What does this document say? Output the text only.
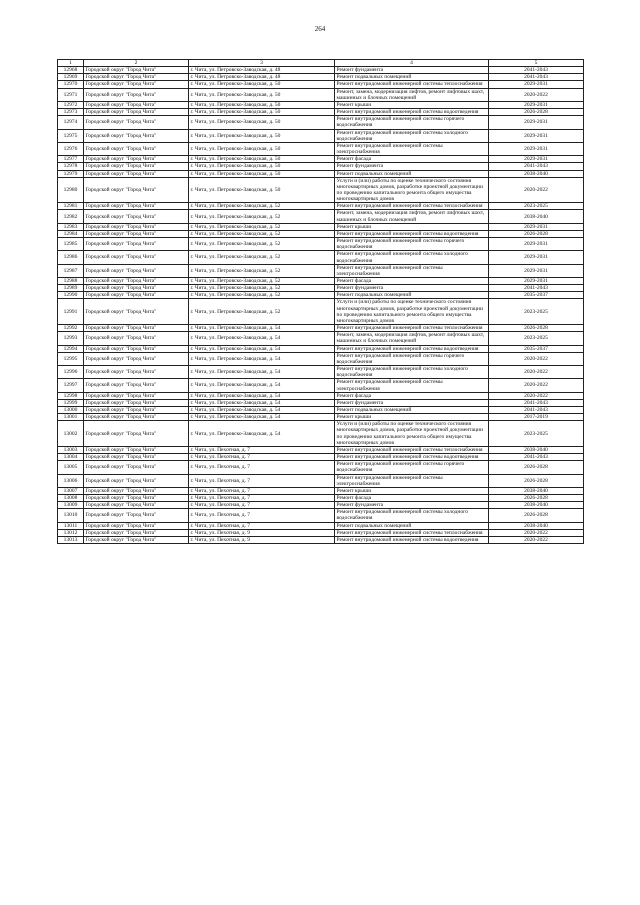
264
1	2	3	4	5
12968	Городской округ "Город Чита"	г. Чита, ул. Петровско-Заводская, д. 48	Ремонт фундамента	2041-2043
12969	Городской округ "Город Чита"	г. Чита, ул. Петровско-Заводская, д. 48	Ремонт подвальных помещений	2041-2043
12970	Городской округ "Город Чита"	г. Чита, ул. Петровско-Заводская, д. 50	Ремонт внутридомовой инженерной системы теплоснабжения	2029-2031
12971	Городской округ "Город Чита"	г. Чита, ул. Петровско-Заводская, д. 50	Ремонт, замена, модернизация лифтов, ремонт лифтовых шахт, машинных и блочных помещений	2020-2022
12972	Городской округ "Город Чита"	г. Чита, ул. Петровско-Заводская, д. 50	Ремонт крыши	2029-2031
12973	Городской округ "Город Чита"	г. Чита, ул. Петровско-Заводская, д. 50	Ремонт внутридомовой инженерной системы водоотведения	2026-2028
12974	Городской округ "Город Чита"	г. Чита, ул. Петровско-Заводская, д. 50	Ремонт внутридомовой инженерной системы горячего водоснабжения	2029-2031
12975	Городской округ "Город Чита"	г. Чита, ул. Петровско-Заводская, д. 50	Ремонт внутридомовой инженерной системы холодного водоснабжения	2029-2031
12976	Городской округ "Город Чита"	г. Чита, ул. Петровско-Заводская, д. 50	Ремонт внутридомовой инженерной системы электроснабжения	2029-2031
12977	Городской округ "Город Чита"	г. Чита, ул. Петровско-Заводская, д. 50	Ремонт фасада	2029-2031
12978	Городской округ "Город Чита"	г. Чита, ул. Петровско-Заводская, д. 50	Ремонт фундамента	2041-2043
12979	Городской округ "Город Чита"	г. Чита, ул. Петровско-Заводская, д. 50	Ремонт подвальных помещений	2038-2040
12980	Городской округ "Город Чита"	г. Чита, ул. Петровско-Заводская, д. 50	Услуги и (или) работы по оценке технического состояния многоквартирных домов, разработке проектной документации по проведению капитального ремонта общего имущества многоквартирных домов	2020-2022
12981	Городской округ "Город Чита"	г. Чита, ул. Петровско-Заводская, д. 52	Ремонт внутридомовой инженерной системы теплоснабжения	2023-2025
12982	Городской округ "Город Чита"	г. Чита, ул. Петровско-Заводская, д. 52	Ремонт, замена, модернизация лифтов, ремонт лифтовых шахт, машинных и блочных помещений	2038-2040
12983	Городской округ "Город Чита"	г. Чита, ул. Петровско-Заводская, д. 52	Ремонт крыши	2029-2031
12984	Городской округ "Город Чита"	г. Чита, ул. Петровско-Заводская, д. 52	Ремонт внутридомовой инженерной системы водоотведения	2026-2028
12985	Городской округ "Город Чита"	г. Чита, ул. Петровско-Заводская, д. 52	Ремонт внутридомовой инженерной системы горячего водоснабжения	2029-2031
12986	Городской округ "Город Чита"	г. Чита, ул. Петровско-Заводская, д. 52	Ремонт внутридомовой инженерной системы холодного водоснабжения	2029-2031
12987	Городской округ "Город Чита"	г. Чита, ул. Петровско-Заводская, д. 52	Ремонт внутридомовой инженерной системы электроснабжения	2029-2031
12988	Городской округ "Город Чита"	г. Чита, ул. Петровско-Заводская, д. 52	Ремонт фасада	2029-2031
12989	Городской округ "Город Чита"	г. Чита, ул. Петровско-Заводская, д. 52	Ремонт фундамента	2041-2043
12990	Городской округ "Город Чита"	г. Чита, ул. Петровско-Заводская, д. 52	Ремонт подвальных помещений	2035-2037
12991	Городской округ "Город Чита"	г. Чита, ул. Петровско-Заводская, д. 52	Услуги и (или) работы по оценке технического состояния многоквартирных домов, разработке проектной документации по проведению капитального ремонта общего имущества многоквартирных домов	2023-2025
12992	Городской округ "Город Чита"	г. Чита, ул. Петровско-Заводская, д. 54	Ремонт внутридомовой инженерной системы теплоснабжения	2026-2028
12993	Городской округ "Город Чита"	г. Чита, ул. Петровско-Заводская, д. 54	Ремонт, замена, модернизация лифтов, ремонт лифтовых шахт, машинных и блочных помещений	2023-2025
12994	Городской округ "Город Чита"	г. Чита, ул. Петровско-Заводская, д. 54	Ремонт внутридомовой инженерной системы водоотведения	2035-2037
12995	Городской округ "Город Чита"	г. Чита, ул. Петровско-Заводская, д. 54	Ремонт внутридомовой инженерной системы горячего водоснабжения	2020-2022
12996	Городской округ "Город Чита"	г. Чита, ул. Петровско-Заводская, д. 54	Ремонт внутридомовой инженерной системы холодного водоснабжения	2020-2022
12997	Городской округ "Город Чита"	г. Чита, ул. Петровско-Заводская, д. 54	Ремонт внутридомовой инженерной системы электроснабжения	2020-2022
12998	Городской округ "Город Чита"	г. Чита, ул. Петровско-Заводская, д. 54	Ремонт фасада	2020-2022
12999	Городской округ "Город Чита"	г. Чита, ул. Петровско-Заводская, д. 54	Ремонт фундамента	2041-2043
13000	Городской округ "Город Чита"	г. Чита, ул. Петровско-Заводская, д. 54	Ремонт подвальных помещений	2041-2043
13001	Городской округ "Город Чита"	г. Чита, ул. Петровско-Заводская, д. 54	Ремонт крыши	2017-2019
13002	Городской округ "Город Чита"	г. Чита, ул. Петровско-Заводская, д. 54	Услуги и (или) работы по оценке технического состояния многоквартирных домов, разработке проектной документации по проведению капитального ремонта общего имущества многоквартирных домов	2023-2025
13003	Городской округ "Город Чита"	г. Чита, ул. Пехотная, д. 7	Ремонт внутридомовой инженерной системы теплоснабжения	2038-2040
13004	Городской округ "Город Чита"	г. Чита, ул. Пехотная, д. 7	Ремонт внутридомовой инженерной системы водоотведения	2041-2043
13005	Городской округ "Город Чита"	г. Чита, ул. Пехотная, д. 7	Ремонт внутридомовой инженерной системы горячего водоснабжения	2026-2028
13006	Городской округ "Город Чита"	г. Чита, ул. Пехотная, д. 7	Ремонт внутридомовой инженерной системы электроснабжения	2026-2028
13007	Городской округ "Город Чита"	г. Чита, ул. Пехотная, д. 7	Ремонт крыши	2038-2040
13008	Городской округ "Город Чита"	г. Чита, ул. Пехотная, д. 7	Ремонт фасада	2026-2028
13009	Городской округ "Город Чита"	г. Чита, ул. Пехотная, д. 7	Ремонт фундамента	2038-2040
13010	Городской округ "Город Чита"	г. Чита, ул. Пехотная, д. 7	Ремонт внутридомовой инженерной системы холодного водоснабжения	2026-2028
13011	Городской округ "Город Чита"	г. Чита, ул. Пехотная, д. 7	Ремонт подвальных помещений	2038-2040
13012	Городской округ "Город Чита"	г. Чита, ул. Пехотная, д. 9	Ремонт внутридомовой инженерной системы теплоснабжения	2020-2022
13013	Городской округ "Город Чита"	г. Чита, ул. Пехотная, д. 9	Ремонт внутридомовой инженерной системы водоотведения	2020-2022
